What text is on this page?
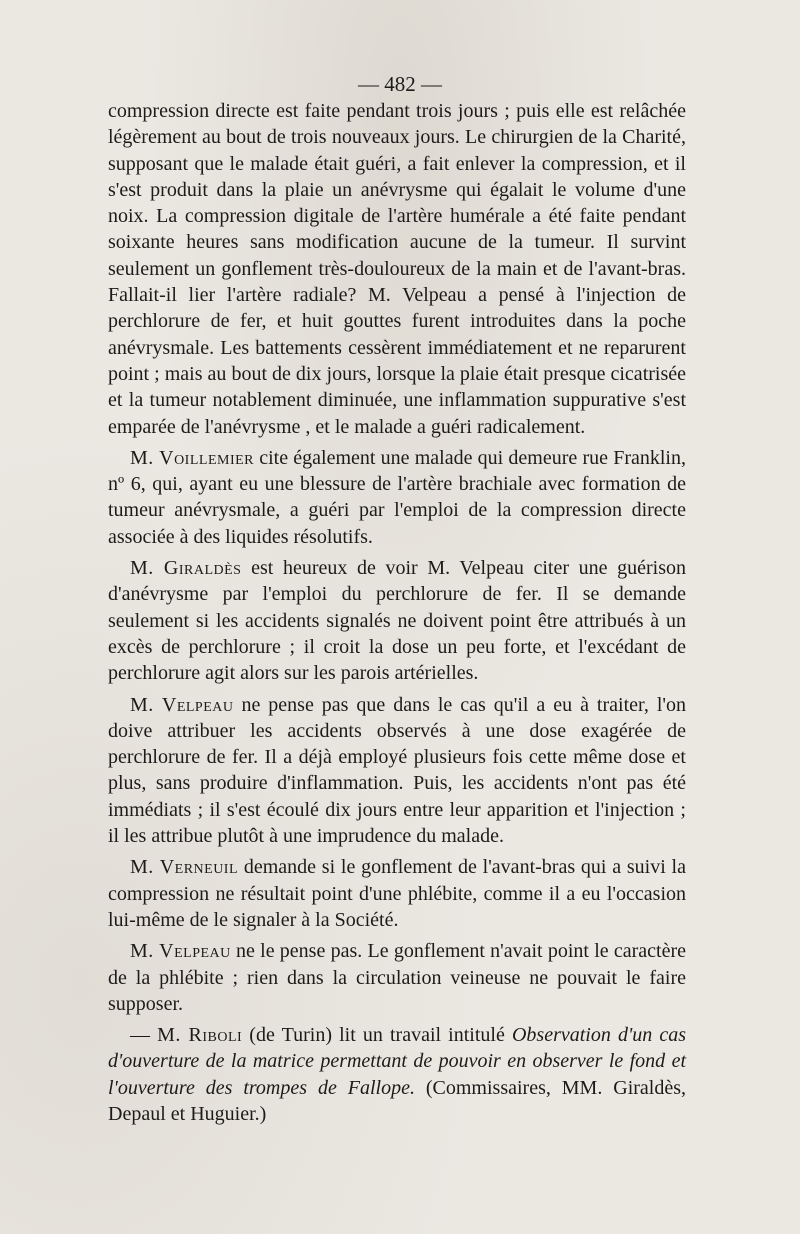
— 482 —

compression directe est faite pendant trois jours ; puis elle est relâchée légèrement au bout de trois nouveaux jours. Le chirurgien de la Charité, supposant que le malade était guéri, a fait enlever la compression, et il s'est produit dans la plaie un anévrysme qui égalait le volume d'une noix. La compression digitale de l'artère humérale a été faite pendant soixante heures sans modification aucune de la tumeur. Il survint seulement un gonflement très-douloureux de la main et de l'avant-bras. Fallait-il lier l'artère radiale? M. Velpeau a pensé à l'injection de perchlorure de fer, et huit gouttes furent introduites dans la poche anévrysmale. Les battements cessèrent immédiatement et ne reparurent point ; mais au bout de dix jours, lorsque la plaie était presque cicatrisée et la tumeur notablement diminuée, une inflammation suppurative s'est emparée de l'anévrysme , et le malade a guéri radicalement.

M. Voillemier cite également une malade qui demeure rue Franklin, nº 6, qui, ayant eu une blessure de l'artère brachiale avec formation de tumeur anévrysmale, a guéri par l'emploi de la compression directe associée à des liquides résolutifs.

M. Giraldès est heureux de voir M. Velpeau citer une guérison d'anévrysme par l'emploi du perchlorure de fer. Il se demande seulement si les accidents signalés ne doivent point être attribués à un excès de perchlorure ; il croit la dose un peu forte, et l'excédant de perchlorure agit alors sur les parois artérielles.

M. Velpeau ne pense pas que dans le cas qu'il a eu à traiter, l'on doive attribuer les accidents observés à une dose exagérée de perchlorure de fer. Il a déjà employé plusieurs fois cette même dose et plus, sans produire d'inflammation. Puis, les accidents n'ont pas été immédiats ; il s'est écoulé dix jours entre leur apparition et l'injection ; il les attribue plutôt à une imprudence du malade.

M. Verneuil demande si le gonflement de l'avant-bras qui a suivi la compression ne résultait point d'une phlébite, comme il a eu l'occasion lui-même de le signaler à la Société.

M. Velpeau ne le pense pas. Le gonflement n'avait point le caractère de la phlébite ; rien dans la circulation veineuse ne pouvait le faire supposer.

— M. Riboli (de Turin) lit un travail intitulé Observation d'un cas d'ouverture de la matrice permettant de pouvoir en observer le fond et l'ouverture des trompes de Fallope. (Commissaires, MM. Giraldès, Depaul et Huguier.)
